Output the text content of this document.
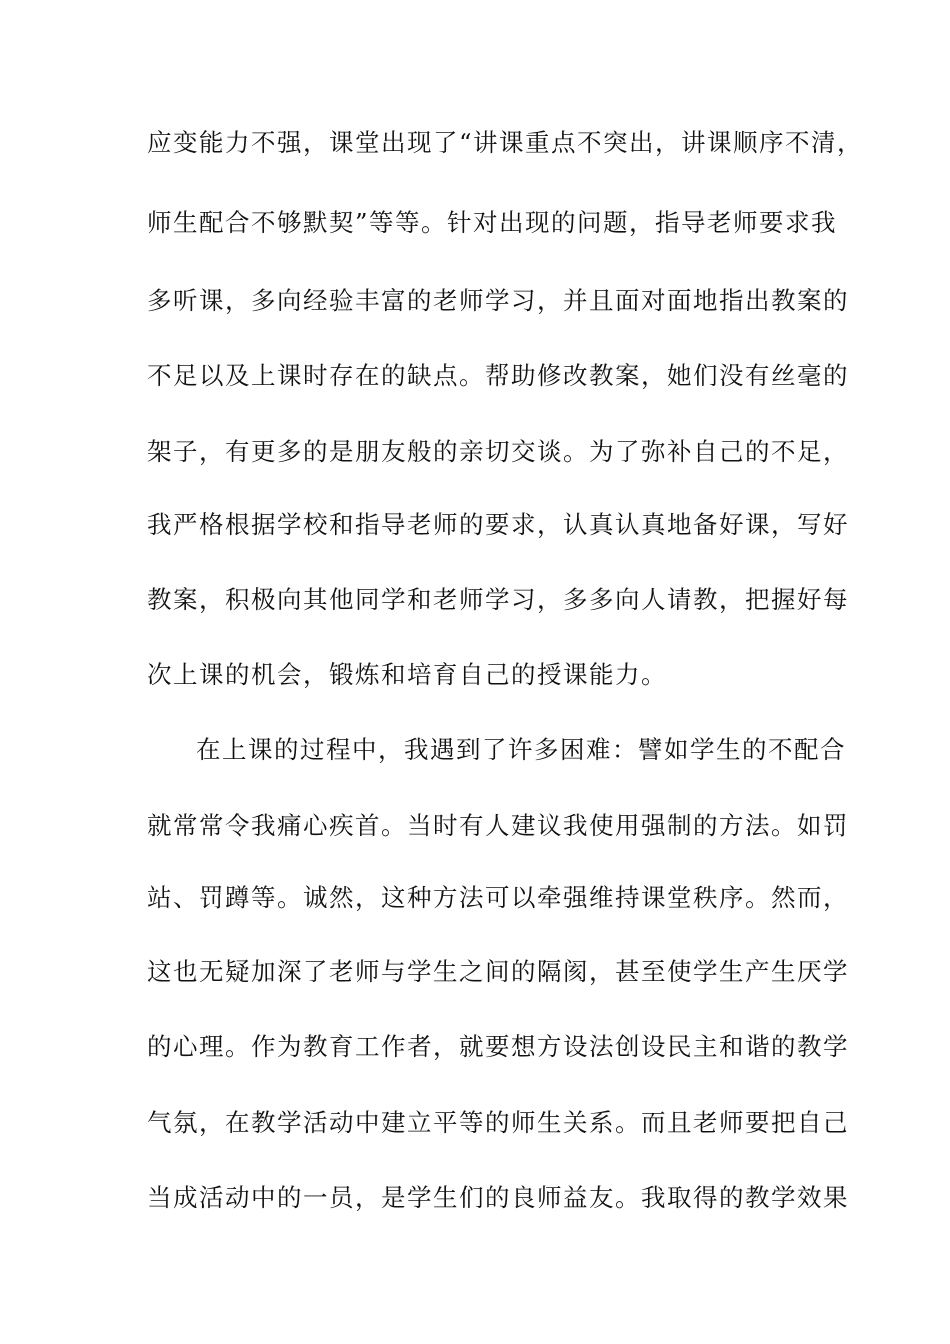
应变能力不强，课堂出现了“讲课重点不突出，讲课顺序不清，
师生配合不够默契”等等。针对出现的问题，指导老师要求我
多听课，多向经验丰富的老师学习，并且面对面地指出教案的
不足以及上课时存在的缺点。帮助修改教案，她们没有丝毫的
架子，有更多的是朋友般的亲切交谈。为了弥补自己的不足，
我严格根据学校和指导老师的要求，认真认真地备好课，写好
教案，积极向其他同学和老师学习，多多向人请教，把握好每
次上课的机会，锻炼和培育自己的授课能力。
在上课的过程中，我遇到了许多困难：譬如学生的不配合
就常常令我痛心疾首。当时有人建议我使用强制的方法。如罚
站、罚蹲等。诚然，这种方法可以牵强维持课堂秩序。然而，
这也无疑加深了老师与学生之间的隔阂，甚至使学生产生厌学
的心理。作为教育工作者，就要想方设法创设民主和谐的教学
气氛，在教学活动中建立平等的师生关系。而且老师要把自己
当成活动中的一员，是学生们的良师益友。我取得的教学效果
